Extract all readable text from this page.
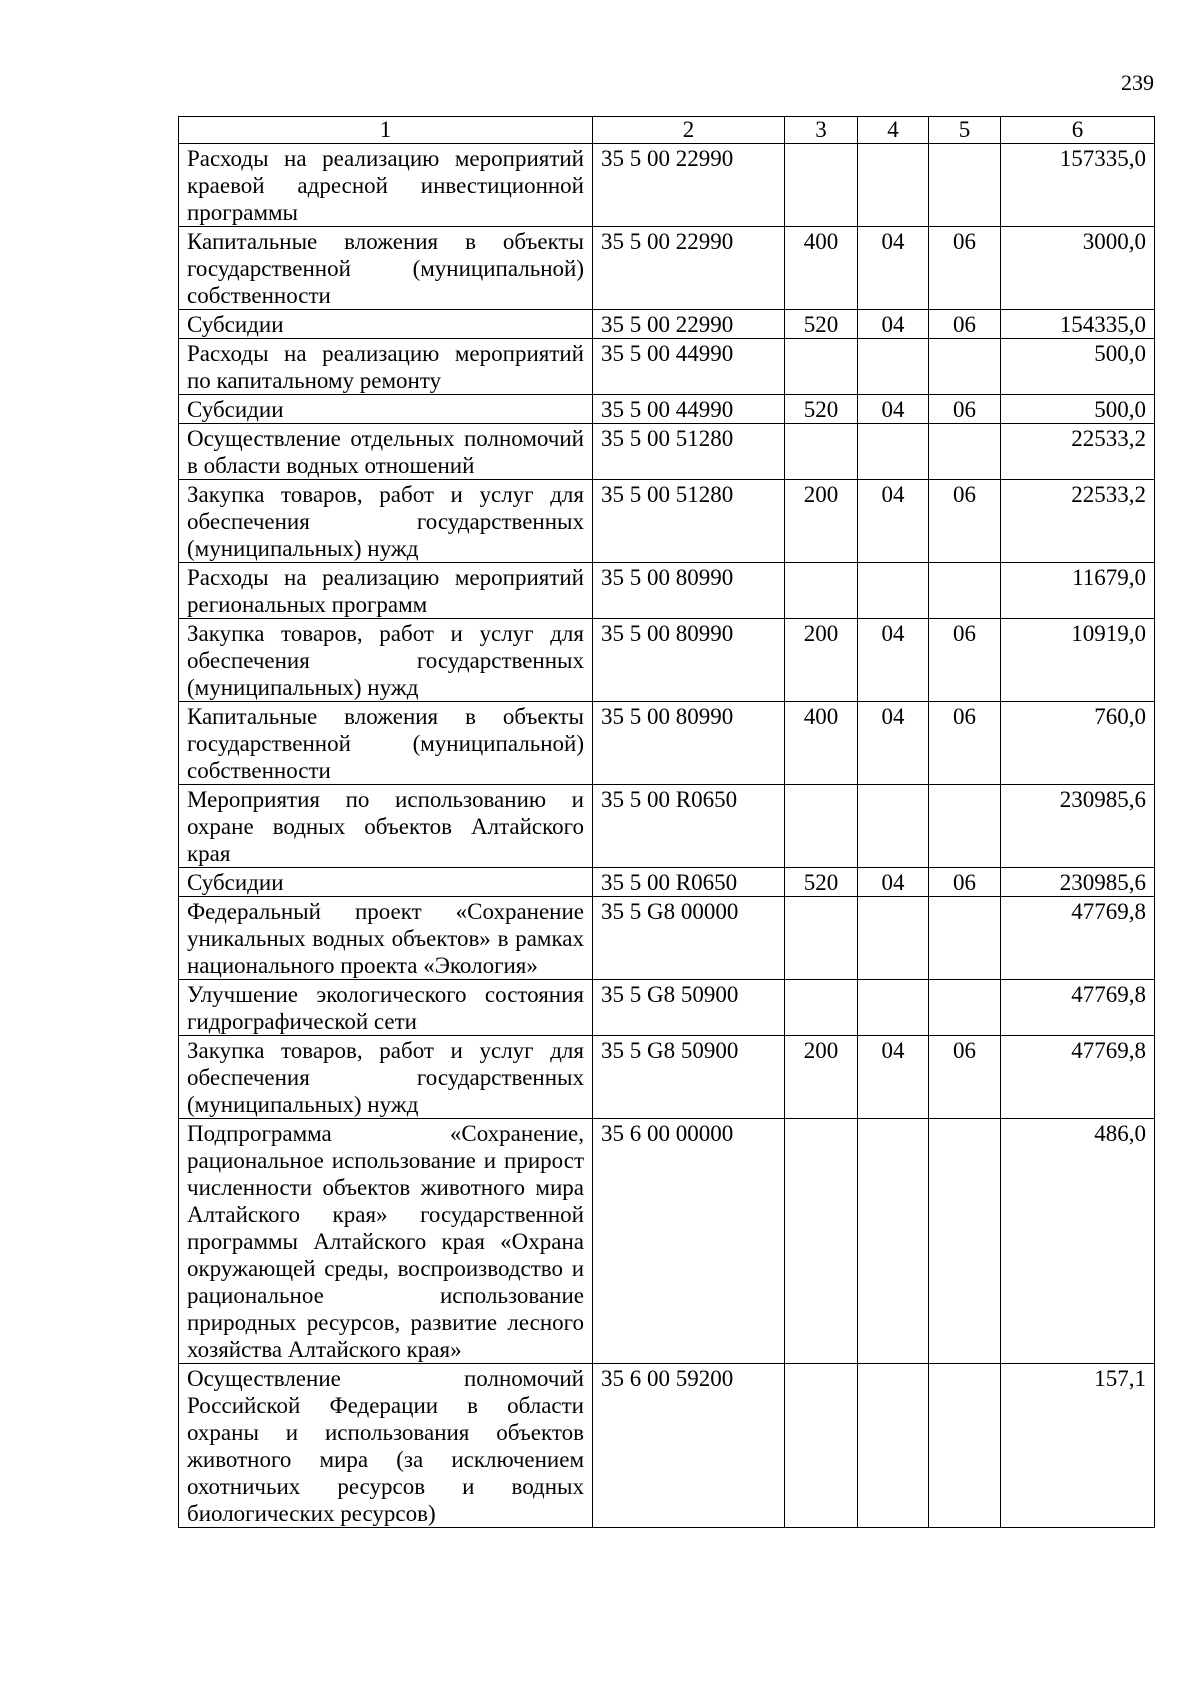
239
1	2	3	4	5	6
Расходы на реализацию мероприятий краевой адресной инвестиционной программы	35 5 00 22990				157335,0
Капитальные вложения в объекты государственной (муниципальной) собственности	35 5 00 22990	400	04	06	3000,0
Субсидии	35 5 00 22990	520	04	06	154335,0
Расходы на реализацию мероприятий по капитальному ремонту	35 5 00 44990				500,0
Субсидии	35 5 00 44990	520	04	06	500,0
Осуществление отдельных полномочий в области водных отношений	35 5 00 51280				22533,2
Закупка товаров, работ и услуг для обеспечения государственных (муниципальных) нужд	35 5 00 51280	200	04	06	22533,2
Расходы на реализацию мероприятий региональных программ	35 5 00 80990				11679,0
Закупка товаров, работ и услуг для обеспечения государственных (муниципальных) нужд	35 5 00 80990	200	04	06	10919,0
Капитальные вложения в объекты государственной (муниципальной) собственности	35 5 00 80990	400	04	06	760,0
Мероприятия по использованию и охране водных объектов Алтайского края	35 5 00 R0650				230985,6
Субсидии	35 5 00 R0650	520	04	06	230985,6
Федеральный проект «Сохранение уникальных водных объектов» в рамках национального проекта «Экология»	35 5 G8 00000				47769,8
Улучшение экологического состояния гидрографической сети	35 5 G8 50900				47769,8
Закупка товаров, работ и услуг для обеспечения государственных (муниципальных) нужд	35 5 G8 50900	200	04	06	47769,8
Подпрограмма «Сохранение, рациональное использование и прирост численности объектов животного мира Алтайского края» государственной программы Алтайского края «Охрана окружающей среды, воспроизводство и рациональное использование природных ресурсов, развитие лесного хозяйства Алтайского края»	35 6 00 00000				486,0
Осуществление полномочий Российской Федерации в области охраны и использования объектов животного мира (за исключением охотничьих ресурсов и водных биологических ресурсов)	35 6 00 59200				157,1
